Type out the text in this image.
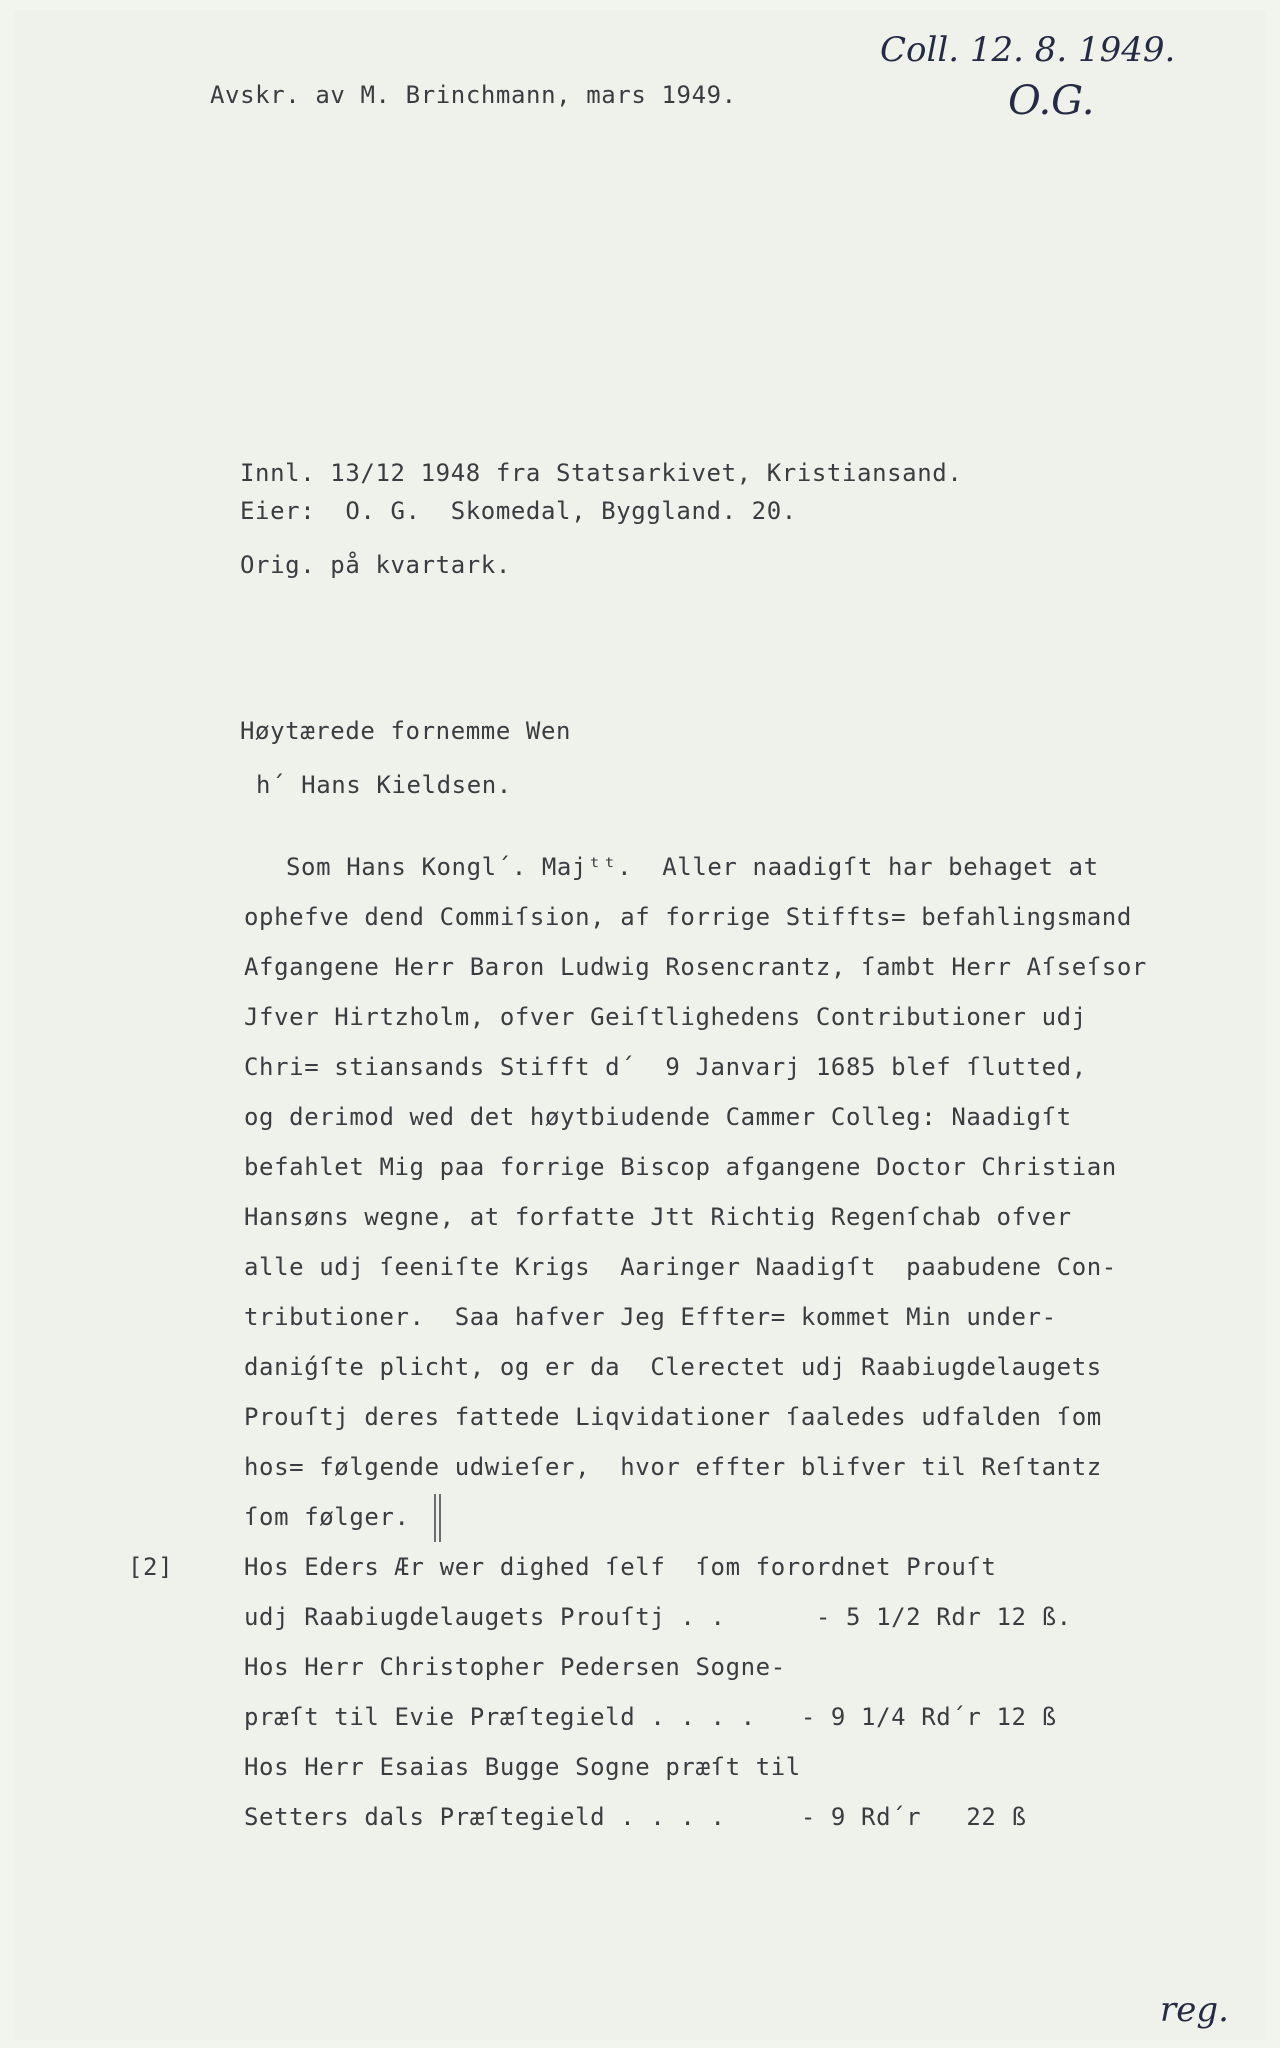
Coll. 12. 8. 1949.
O.G.
reg.
Avskr. av M. Brinchmann, mars 1949.
Innl. 13/12 1948 fra Statsarkivet, Kristiansand.
Eier:  O. G.  Skomedal, Byggland. 20.
Orig. på kvartark.
Høytærede fornemme Wen
h´ Hans Kieldsen.
Som Hans Kongl´. Majᵗᵗ.  Aller naadigſt har behaget at
ophefve dend Commiſsion, af forrige Stiffts= befahlingsmand
Afgangene Herr Baron Ludwig Rosencrantz, ſambt Herr Aſseſsor
Jfver Hirtzholm, ofver Geiſtlighedens Contributioner udj
Chri= stiansands Stifft d´  9 Janvarj 1685 blef ſlutted,
og derimod wed det høytbiudende Cammer Colleg: Naadigſt
befahlet Mig paa forrige Biscop afgangene Doctor Christian
Hansøns wegne, at forfatte Jtt Richtig Regenſchab ofver
alle udj ſeeniſte Krigs  Aaringer Naadigſt  paabudene Con-
tributioner.  Saa hafver Jeg Effter= kommet Min under-
daniǵſte plicht, og er da  Clerectet udj Raabiugdelaugets
Prouſtj deres fattede Liqvidationer ſaaledes udfalden ſom
hos= følgende udwieſer,  hvor effter blifver til Reſtantz
ſom følger.
[2]	Hos Eders Ær wer dighed ſelf  ſom forordnet Prouſt
udj Raabiugdelaugets Prouſtj . .      - 5 1/2 Rdr 12 ß.
Hos Herr Christopher Pedersen Sogne-
præſt til Evie Præſtegield . . . .   - 9 1/4 Rd´r 12 ß
Hos Herr Esaias Bugge Sogne præſt til
Setters dals Præſtegield . . . .     - 9 Rd´r   22 ß
